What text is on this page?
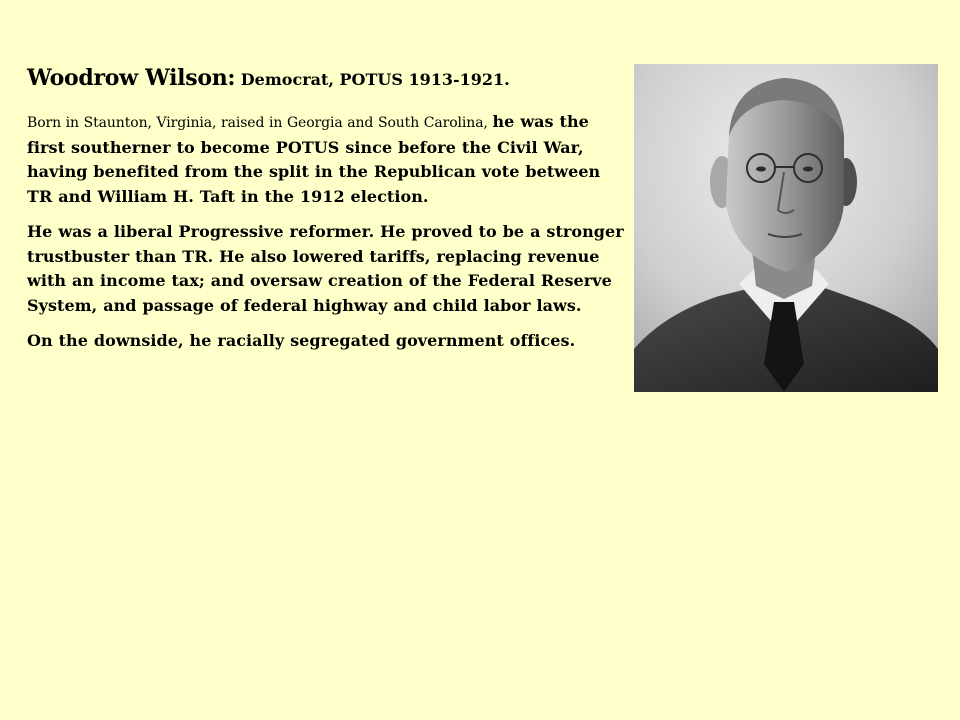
Woodrow Wilson: Democrat, POTUS 1913-1921.

Born in Staunton, Virginia, raised in Georgia and South Carolina, he was the first southerner to become POTUS since before the Civil War, having benefited from the split in the Republican vote between TR and William H. Taft in the 1912 election.

He was a liberal Progressive reformer. He proved to be a stronger trustbuster than TR. He also lowered tariffs, replacing revenue with an income tax; and oversaw creation of the Federal Reserve System, and passage of federal highway and child labor laws.

On the downside, he racially segregated government offices.
